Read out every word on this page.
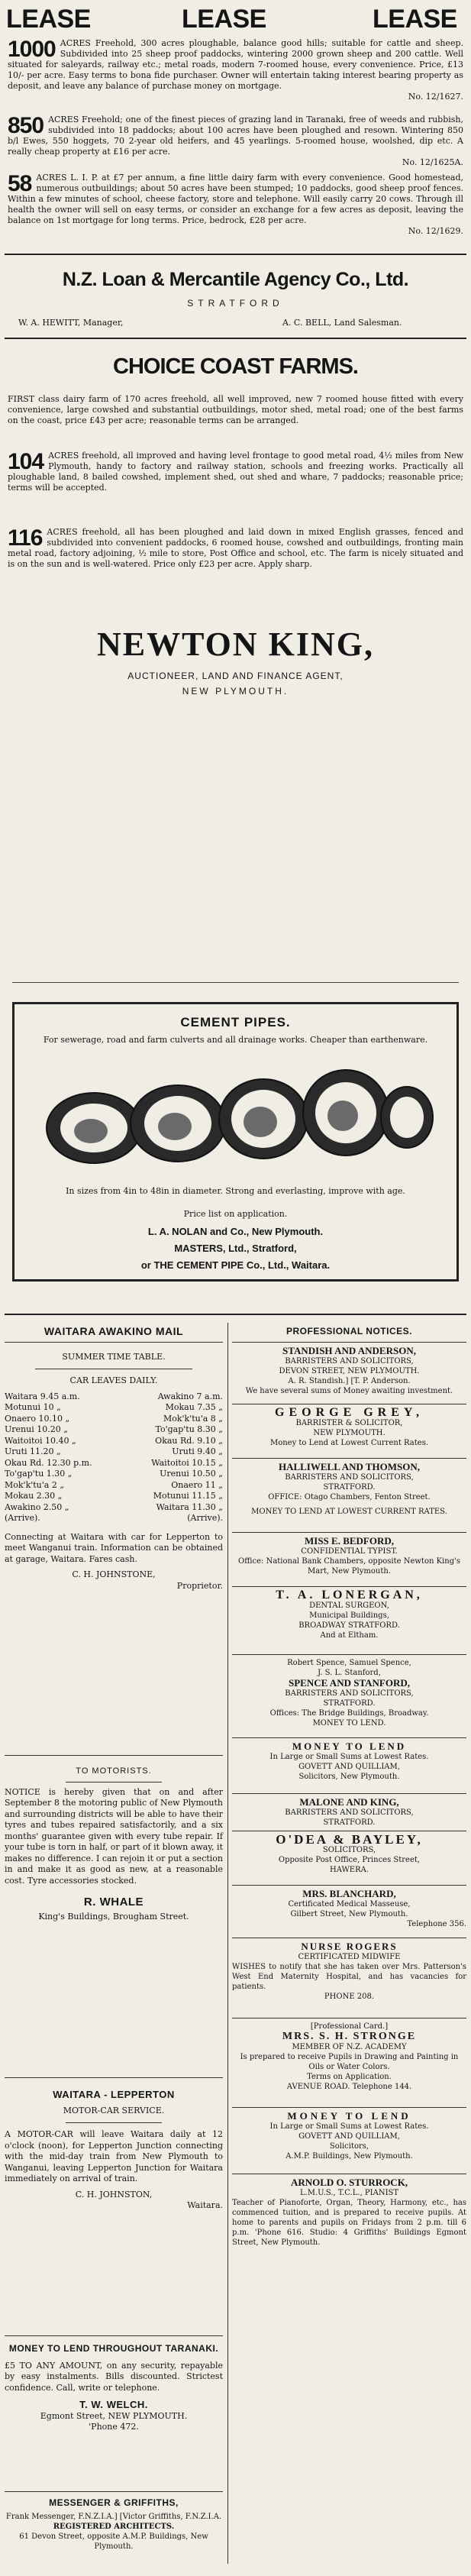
LEASE	LEASE	LEASE
1000 ACRES Freehold, 300 acres ploughable, balance good hills; suitable for cattle and sheep. Subdivided into 25 sheep proof paddocks, wintering 2000 grown sheep and 200 cattle. Well situated for saleyards, railway etc.; metal roads, modern 7-roomed house, every convenience. Price, £13 10/- per acre. Easy terms to bona fide purchaser. Owner will entertain taking interest bearing property as deposit, and leave any balance of purchase money on mortgage.
No. 12/1627.
850 ACRES Freehold; one of the finest pieces of grazing land in Taranaki, free of weeds and rubbish, subdivided into 18 paddocks; about 100 acres have been ploughed and resown. Wintering 850 b/l Ewes, 550 hoggets, 70 2-year old heifers, and 45 yearlings. 5-roomed house, woolshed, dip etc. A really cheap property at £16 per acre.
No. 12/1625A.
58 ACRES L. I. P. at £7 per annum, a fine little dairy farm with every convenience. Good homestead, numerous outbuildings; about 50 acres have been stumped; 10 paddocks, good sheep proof fences. Within a few minutes of school, cheese factory, store and telephone. Will easily carry 20 cows. Through ill health the owner will sell on easy terms, or consider an exchange for a few acres as deposit, leaving the balance on 1st mortgage for long terms. Price, bedrock, £28 per acre.
No. 12/1629.
N.Z. Loan & Mercantile Agency Co., Ltd.
STRATFORD
W. A. HEWITT, Manager,	A. C. BELL, Land Salesman.
CHOICE COAST FARMS.
FIRST class dairy farm of 170 acres freehold, all well improved, new 7 roomed house fitted with every convenience, large cowshed and substantial outbuildings, motor shed, metal road; one of the best farms on the coast, price £43 per acre; reasonable terms can be arranged.
104 ACRES freehold, all improved and having level frontage to good metal road, 4½ miles from New Plymouth, handy to factory and railway station, schools and freezing works. Practically all ploughable land, 8 bailed cowshed, implement shed, out shed and whare, 7 paddocks; reasonable price; terms will be accepted.
116 ACRES freehold, all has been ploughed and laid down in mixed English grasses, fenced and subdivided into convenient paddocks, 6 roomed house, cowshed and outbuildings, fronting main metal road, factory adjoining, ½ mile to store, Post Office and school, etc. The farm is nicely situated and is on the sun and is well-watered. Price only £23 per acre. Apply sharp.
NEWTON KING,
AUCTIONEER, LAND AND FINANCE AGENT,
NEW PLYMOUTH.
CEMENT PIPES.
For sewerage, road and farm culverts and all drainage works. Cheaper than earthenware.
In sizes from 4in to 48in in diameter. Strong and everlasting, improve with age.
Price list on application.
L. A. NOLAN and Co., New Plymouth.
MASTERS, Ltd., Stratford,
or THE CEMENT PIPE Co., Ltd., Waitara.
WAITARA AWAKINO MAIL
SUMMER TIME TABLE.
CAR LEAVES DAILY.
Waitara 9.45 a.m.	Awakino 7 a.m.
Motunui 10 „	Mokau 7.35 „
Onaero 10.10 „	Mok'k'tu'a 8 „
Urenui 10.20 „	To'gap'tu 8.30 „
Waitoitoi 10.40 „	Okau Rd. 9.10 „
Uruti 11.20 „	Uruti 9.40 „
Okau Rd. 12.30 p.m.	Waitoitoi 10.15 „
To'gap'tu 1.30 „	Urenui 10.50 „
Mok'k'tu'a 2 „	Onaero 11 „
Mokau 2.30 „	Motunui 11.15 „
Awakino 2.50 „	Waitara 11.30 „
(Arrive).	(Arrive).
Connecting at Waitara with car for Lepperton to meet Wanganui train. Information can be obtained at garage, Waitara. Fares cash.
C. H. JOHNSTONE,
Proprietor.
TO MOTORISTS.
NOTICE is hereby given that on and after September 8 the motoring public of New Plymouth and surrounding districts will be able to have their tyres and tubes repaired satisfactorily, and a six months' guarantee given with every tube repair. If your tube is torn in half, or part of it blown away, it makes no difference. I can rejoin it or put a section in and make it as good as new, at a reasonable cost. Tyre accessories stocked.
R. WHALE
King's Buildings, Brougham Street.
WAITARA - LEPPERTON
MOTOR-CAR SERVICE.
A MOTOR-CAR will leave Waitara daily at 12 o'clock (noon), for Lepperton Junction connecting with the mid-day train from New Plymouth to Wanganui, leaving Lepperton Junction for Waitara immediately on arrival of train.
C. H. JOHNSTON,
Waitara.
MONEY TO LEND THROUGHOUT TARANAKI.
£5 TO ANY AMOUNT, on any security, repayable by easy instalments. Bills discounted. Strictest confidence. Call, write or telephone.
T. W. WELCH.
Egmont Street, NEW PLYMOUTH.
'Phone 472.
MESSENGER & GRIFFITHS,
Frank Messenger, F.N.Z.I.A.] [Victor Griffiths, F.N.Z.I.A.
REGISTERED ARCHITECTS.
61 Devon Street, opposite A.M.P. Buildings, New Plymouth.
PROFESSIONAL NOTICES.
STANDISH AND ANDERSON,
BARRISTERS AND SOLICITORS,
DEVON STREET, NEW PLYMOUTH.
A. R. Standish.] [T. P. Anderson.
We have several sums of Money awaiting investment.
GEORGE GREY,
BARRISTER & SOLICITOR,
NEW PLYMOUTH.
Money to Lend at Lowest Current Rates.
HALLIWELL AND THOMSON,
BARRISTERS AND SOLICITORS,
STRATFORD.
OFFICE: Otago Chambers, Fenton Street.
MONEY TO LEND AT LOWEST CURRENT RATES.
MISS E. BEDFORD,
CONFIDENTIAL TYPIST.
Office: National Bank Chambers, opposite Newton King's Mart, New Plymouth.
T. A. LONERGAN,
DENTAL SURGEON,
Municipal Buildings,
BROADWAY STRATFORD.
And at Eltham.
Robert Spence, Samuel Spence,
J. S. L. Stanford,
SPENCE AND STANFORD,
BARRISTERS AND SOLICITORS,
STRATFORD.
Offices: The Bridge Buildings, Broadway.
MONEY TO LEND.
MONEY TO LEND
In Large or Small Sums at Lowest Rates.
GOVETT AND QUILLIAM,
Solicitors, New Plymouth.
MALONE AND KING,
BARRISTERS AND SOLICITORS,
STRATFORD.
O'DEA & BAYLEY,
SOLICITORS,
Opposite Post Office, Princes Street,
HAWERA.
MRS. BLANCHARD,
Certificated Medical Masseuse,
Gilbert Street, New Plymouth.
Telephone 356.
NURSE ROGERS
CERTIFICATED MIDWIFE
WISHES to notify that she has taken over Mrs. Patterson's West End Maternity Hospital, and has vacancies for patients.
PHONE 208.
[Professional Card.]
MRS. S. H. STRONGE
MEMBER OF N.Z. ACADEMY
Is prepared to receive Pupils in Drawing and Painting in Oils or Water Colors.
Terms on Application.
AVENUE ROAD. Telephone 144.
MONEY TO LEND
In Large or Small Sums at Lowest Rates.
GOVETT AND QUILLIAM,
Solicitors,
A.M.P. Buildings, New Plymouth.
ARNOLD O. STURROCK,
L.M.U.S., T.C.L., PIANIST
Teacher of Pianoforte, Organ, Theory, Harmony, etc., has commenced tuition, and is prepared to receive pupils. At home to parents and pupils on Fridays from 2 p.m. till 6 p.m. 'Phone 616. Studio: 4 Griffiths' Buildings Egmont Street, New Plymouth.
